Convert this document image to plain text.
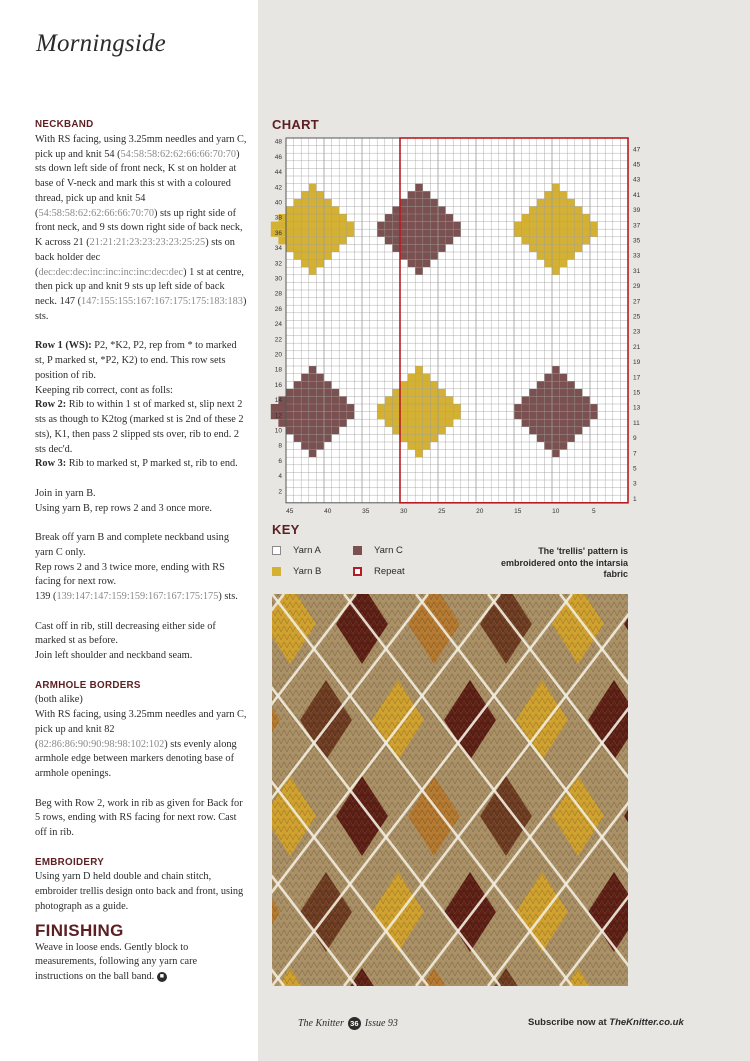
Morningside
NECKBAND

With RS facing, using 3.25mm needles and yarn C, pick up and knit 54 (54:58:58:62:62:66:66:70:70) sts down left side of front neck, K st on holder at base of V-neck and mark this st with a coloured thread, pick up and knit 54 (54:58:58:62:62:66:66:70:70) sts up right side of front neck, and 9 sts down right side of back neck, K across 21 (21:21:21:23:23:23:23:25:25) sts on back holder dec (dec:dec:dec:inc:inc:inc:inc:dec:dec) 1 st at centre, then pick up and knit 9 sts up left side of back neck. 147 (147:155:155:167:167:175:175:183:183) sts.

Row 1 (WS): P2, *K2, P2, rep from * to marked st, P marked st, *P2, K2) to end. This row sets position of rib.

Keeping rib correct, cont as folls:

Row 2: Rib to within 1 st of marked st, slip next 2 sts as though to K2tog (marked st is 2nd of these 2 sts), K1, then pass 2 slipped sts over, rib to end. 2 sts dec'd.

Row 3: Rib to marked st, P marked st, rib to end.

Join in yarn B.

Using yarn B, rep rows 2 and 3 once more.

Break off yarn B and complete neckband using yarn C only.

Rep rows 2 and 3 twice more, ending with RS facing for next row.

139 (139:147:147:159:159:167:167:175:175) sts.

Cast off in rib, still decreasing either side of marked st as before.

Join left shoulder and neckband seam.

ARMHOLE BORDERS

(both alike)

With RS facing, using 3.25mm needles and yarn C, pick up and knit 82 (82:86:86:90:90:98:98:102:102) sts evenly along armhole edge between markers denoting base of armhole openings.

Beg with Row 2, work in rib as given for Back for 5 rows, ending with RS facing for next row. Cast off in rib.

EMBROIDERY

Using yarn D held double and chain stitch, embroider trellis design onto back and front, using photograph as a guide.

FINISHING

Weave in loose ends. Gently block to measurements, following any yarn care instructions on the ball band. ■

CHART
2
4
6
8
10
12
14
16
18
20
22
24
26
28
30
32
34
36
38
40
42
44
46
48
1
3
5
7
9
11
13
15
17
19
21
23
25
27
29
31
33
35
37
39
41
43
45
47
45	40	35	30	25	20	15	10	5
KEY
Yarn A
Yarn B
Yarn C
Repeat
The 'trellis' pattern is embroidered onto the intarsia fabric
The Knitter 36 Issue 93	Subscribe now at TheKnitter.co.uk
